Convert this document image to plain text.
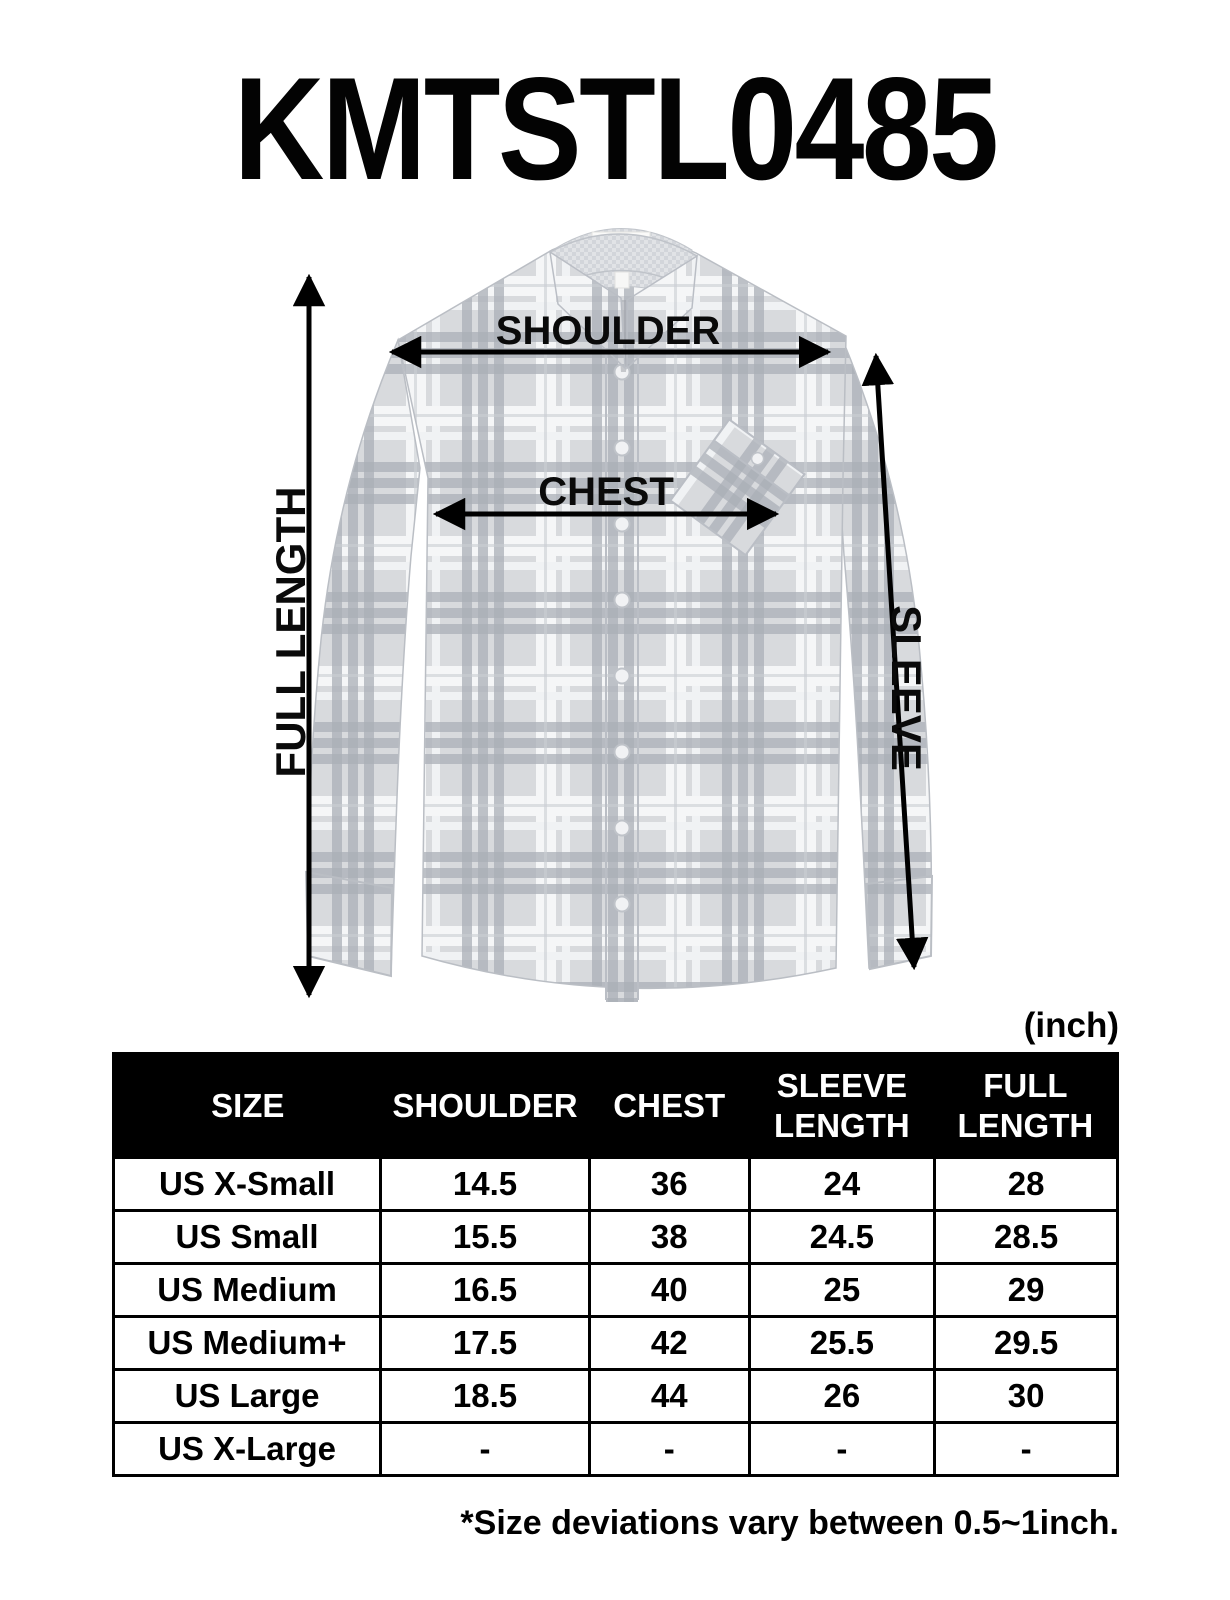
KMTSTL0485
SHOULDER
CHEST
FULL LENGTH	SLEEVE
(inch)
SIZE	SHOULDER	CHEST	SLEEVE LENGTH	FULL LENGTH
US X-Small	14.5	36	24	28
US Small	15.5	38	24.5	28.5
US Medium	16.5	40	25	29
US Medium+	17.5	42	25.5	29.5
US Large	18.5	44	26	30
US X-Large	-	-	-	-
*Size deviations vary between 0.5~1inch.
